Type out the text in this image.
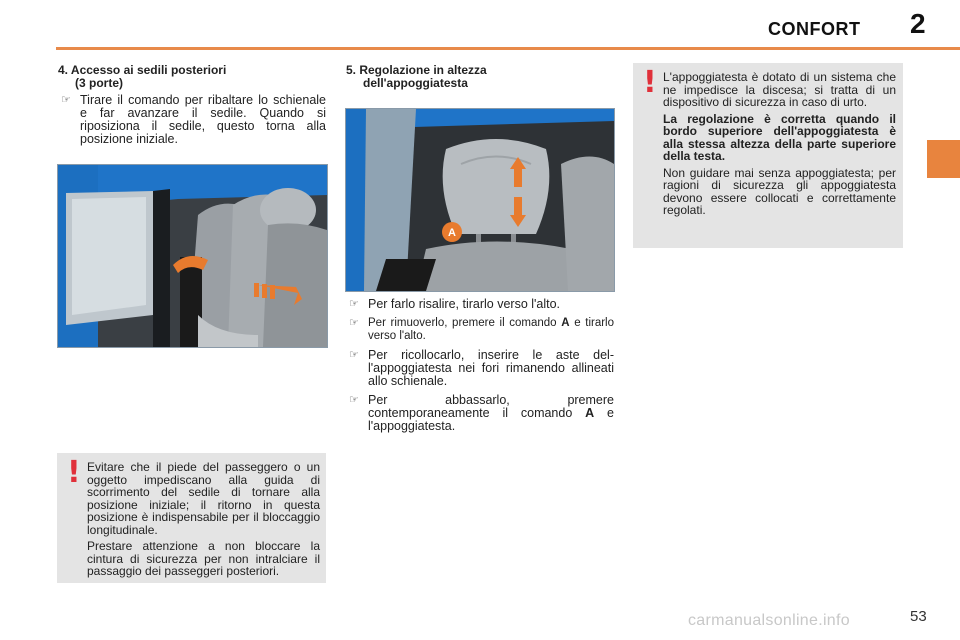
CONFORT 2
4. Accesso ai sedili posteriori
(3 porte)
☞ Tirare il comando per ribaltare lo schienale e far avanzare il sedile. Quando si riposiziona il sedile, questo torna alla posizione iniziale.
5. Regolazione in altezza
dell'appoggiatesta
A
☞ Per farlo risalire, tirarlo verso l'alto.
☞ Per rimuoverlo, premere il comando A e tirarlo verso l'alto.
☞ Per ricollocarlo, inserire le aste del-l'appoggiatesta nei fori rimanendo allineati allo schienale.
☞ Per abbassarlo, premere contemporaneamente il comando A e l'appoggiatesta.
! L'appoggiatesta è dotato di un sistema che ne impedisce la discesa; si tratta di un dispositivo di sicurezza in caso di urto.

La regolazione è corretta quando il bordo superiore dell'appoggiatesta è alla stessa altezza della parte superiore della testa.

Non guidare mai senza appoggiatesta; per ragioni di sicurezza gli appoggiatesta devono essere collocati e correttamente regolati.

! Evitare che il piede del passeggero o un oggetto impediscano alla guida di scorrimento del sedile di tornare alla posizione iniziale; il ritorno in questa posizione è indispensabile per il bloccaggio longitudinale.

Prestare attenzione a non bloccare la cintura di sicurezza per non intralciare il passaggio dei passeggeri posteriori.

53
carmanualsonline.info
